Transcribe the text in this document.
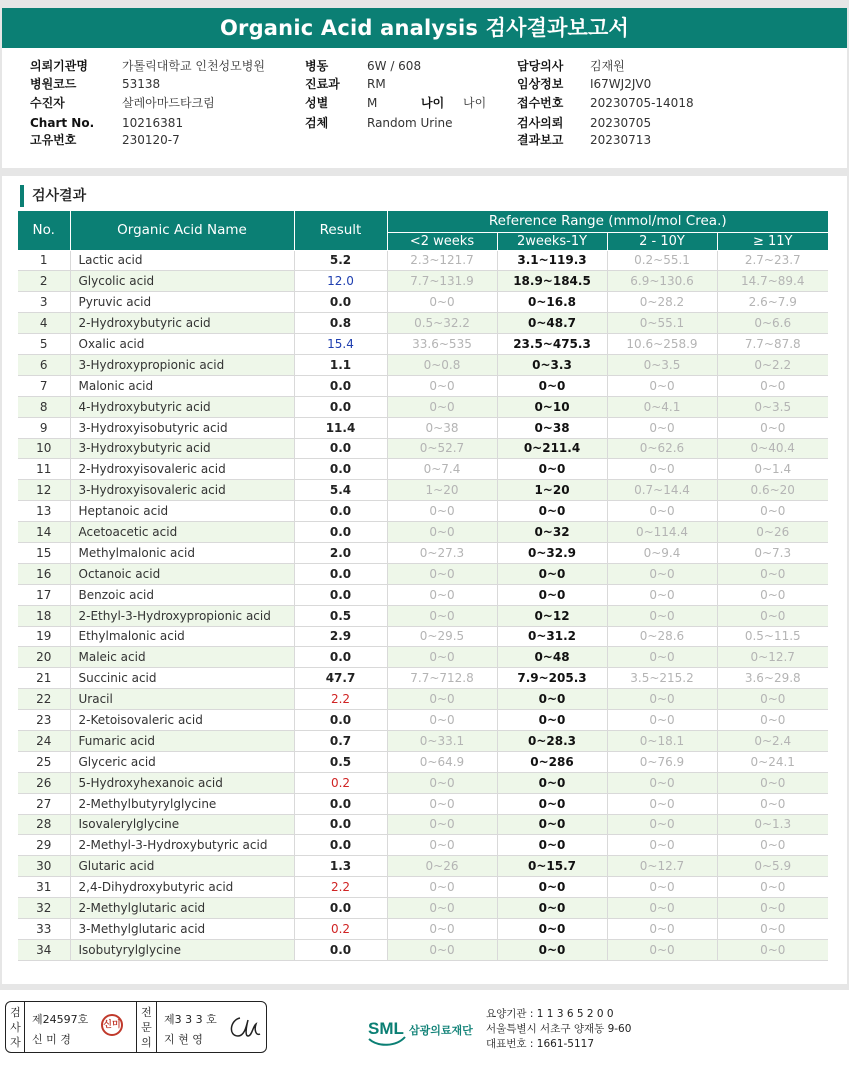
Organic Acid analysis 검사결과보고서
의뢰기관명	가톨릭대학교 인천성모병원
병원코드	53138
수진자	살레아마드타크림
Chart No. 10216381
고유번호	230120-7
병동	6W / 608
진료과 RM
성별	M
검체	Random Urine
담당의사 김재원
임상정보 I67WJ2JV0
접수번호 20230705-14018
검사의뢰 20230705
결과보고 20230713
나이 나이
검사결과
No.	Organic Acid Name	Result	Reference Range (mmol/mol Crea.)			
			<2 weeks	2weeks-1Y	2 - 10Y	≥ 11Y
1	Lactic acid	5.2	2.3~121.7	3.1~119.3	0.2~55.1	2.7~23.7
2	Glycolic acid	12.0	7.7~131.9	18.9~184.5	6.9~130.6	14.7~89.4
3	Pyruvic acid	0.0	0~0	0~16.8	0~28.2	2.6~7.9
4	2-Hydroxybutyric acid	0.8	0.5~32.2	0~48.7	0~55.1	0~6.6
5	Oxalic acid	15.4	33.6~535	23.5~475.3	10.6~258.9	7.7~87.8
6	3-Hydroxypropionic acid	1.1	0~0.8	0~3.3	0~3.5	0~2.2
7	Malonic acid	0.0	0~0	0~0	0~0	0~0
8	4-Hydroxybutyric acid	0.0	0~0	0~10	0~4.1	0~3.5
9	3-Hydroxyisobutyric acid	11.4	0~38	0~38	0~0	0~0
10	3-Hydroxybutyric acid	0.0	0~52.7	0~211.4	0~62.6	0~40.4
11	2-Hydroxyisovaleric acid	0.0	0~7.4	0~0	0~0	0~1.4
12	3-Hydroxyisovaleric acid	5.4	1~20	1~20	0.7~14.4	0.6~20
13	Heptanoic acid	0.0	0~0	0~0	0~0	0~0
14	Acetoacetic acid	0.0	0~0	0~32	0~114.4	0~26
15	Methylmalonic acid	2.0	0~27.3	0~32.9	0~9.4	0~7.3
16	Octanoic acid	0.0	0~0	0~0	0~0	0~0
17	Benzoic acid	0.0	0~0	0~0	0~0	0~0
18	2-Ethyl-3-Hydroxypropionic acid	0.5	0~0	0~12	0~0	0~0
19	Ethylmalonic acid	2.9	0~29.5	0~31.2	0~28.6	0.5~11.5
20	Maleic acid	0.0	0~0	0~48	0~0	0~12.7
21	Succinic acid	47.7	7.7~712.8	7.9~205.3	3.5~215.2	3.6~29.8
22	Uracil	2.2	0~0	0~0	0~0	0~0
23	2-Ketoisovaleric acid	0.0	0~0	0~0	0~0	0~0
24	Fumaric acid	0.7	0~33.1	0~28.3	0~18.1	0~2.4
25	Glyceric acid	0.5	0~64.9	0~286	0~76.9	0~24.1
26	5-Hydroxyhexanoic acid	0.2	0~0	0~0	0~0	0~0
27	2-Methylbutyrylglycine	0.0	0~0	0~0	0~0	0~0
28	Isovalerylglycine	0.0	0~0	0~0	0~0	0~1.3
29	2-Methyl-3-Hydroxybutyric acid	0.0	0~0	0~0	0~0	0~0
30	Glutaric acid	1.3	0~26	0~15.7	0~12.7	0~5.9
31	2,4-Dihydroxybutyric acid	2.2	0~0	0~0	0~0	0~0
32	2-Methylglutaric acid	0.0	0~0	0~0	0~0	0~0
33	3-Methylglutaric acid	0.2	0~0	0~0	0~0	0~0
34	Isobutyrylglycine	0.0	0~0	0~0	0~0	0~0
검
사
자
제24597호
신 미 경
신미
전
문
의
제3 3 3 호
지 현 영
SML 삼광의료재단
요양기관 : 1 1 3 6 5 2 0 0
서울특별시 서초구 양재동 9-60
대표번호 : 1661-5117
